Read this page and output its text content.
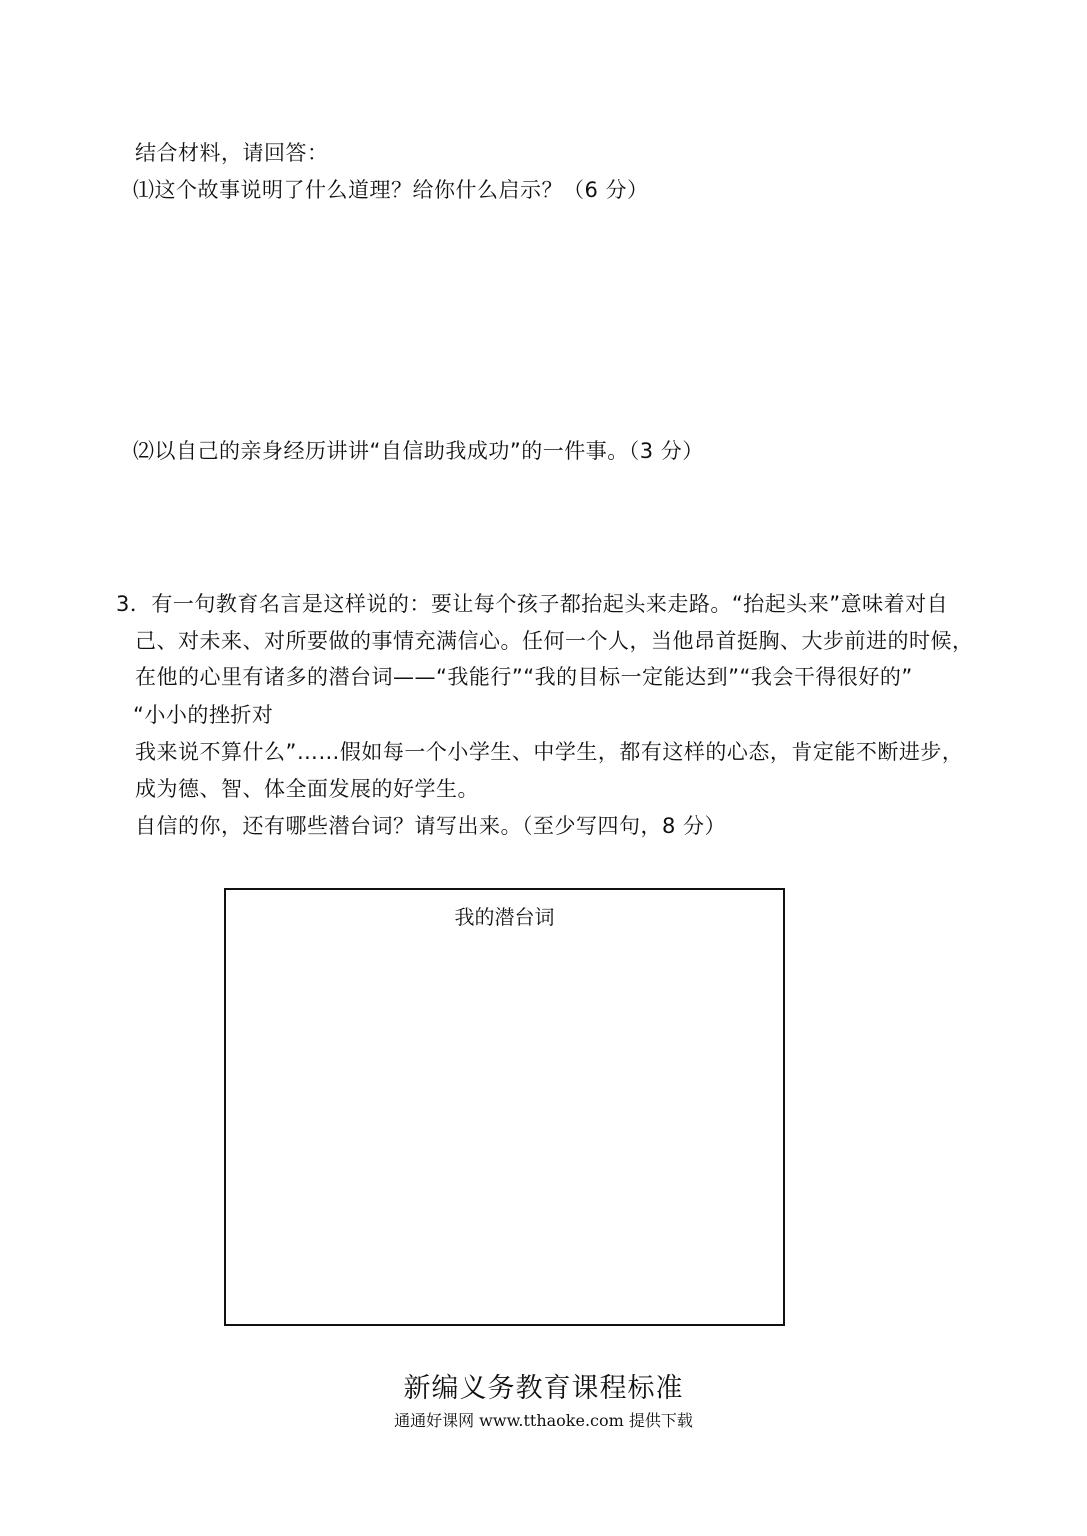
结合材料，请回答：
⑴这个故事说明了什么道理？给你什么启示？（6 分）
⑵以自己的亲身经历讲讲“自信助我成功”的一件事。（3 分）
3．有一句教育名言是这样说的：要让每个孩子都抬起头来走路。“抬起头来”意味着对自
己、对未来、对所要做的事情充满信心。任何一个人，当他昂首挺胸、大步前进的时候，
在他的心里有诸多的潜台词——“我能行”“我的目标一定能达到”“我会干得很好的”
“小小的挫折对
我来说不算什么”……假如每一个小学生、中学生，都有这样的心态，肯定能不断进步，
成为德、智、体全面发展的好学生。
自信的你，还有哪些潜台词？请写出来。（至少写四句，8 分）
我的潜台词
新编义务教育课程标准
通通好课网 www.tthaoke.com 提供下载
